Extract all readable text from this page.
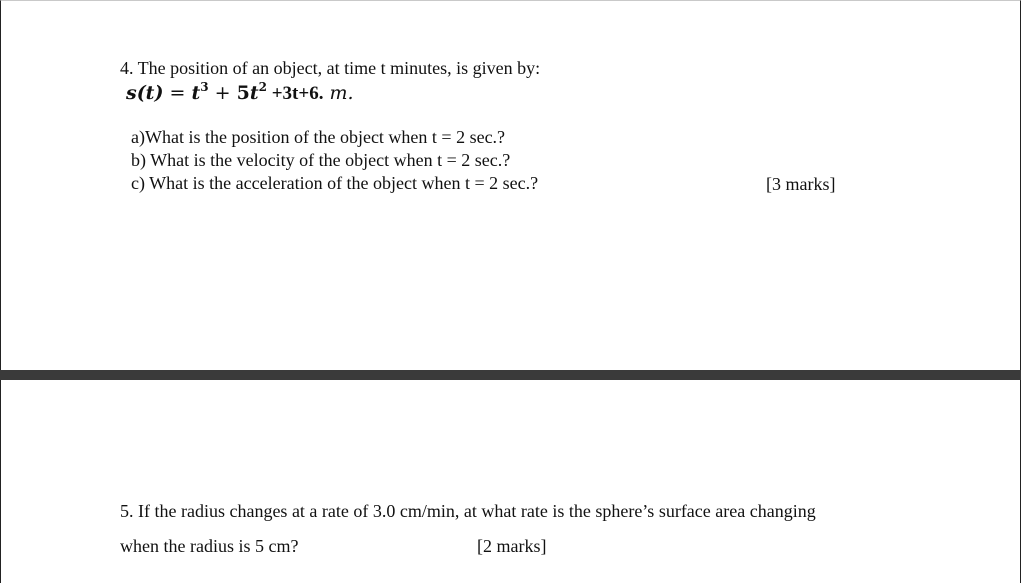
4. The position of an object, at time t minutes, is given by:
$s(t) = t^3 + 5t^2 +3t+6$. m.
a)What is the position of the object when t = 2 sec.?
b) What is the velocity of the object when t = 2 sec.?
c) What is the acceleration of the object when t = 2 sec.?	[3 marks]
5. If the radius changes at a rate of 3.0 cm/min, at what rate is the sphere’s surface area changing
when the radius is 5 cm?	[2 marks]
